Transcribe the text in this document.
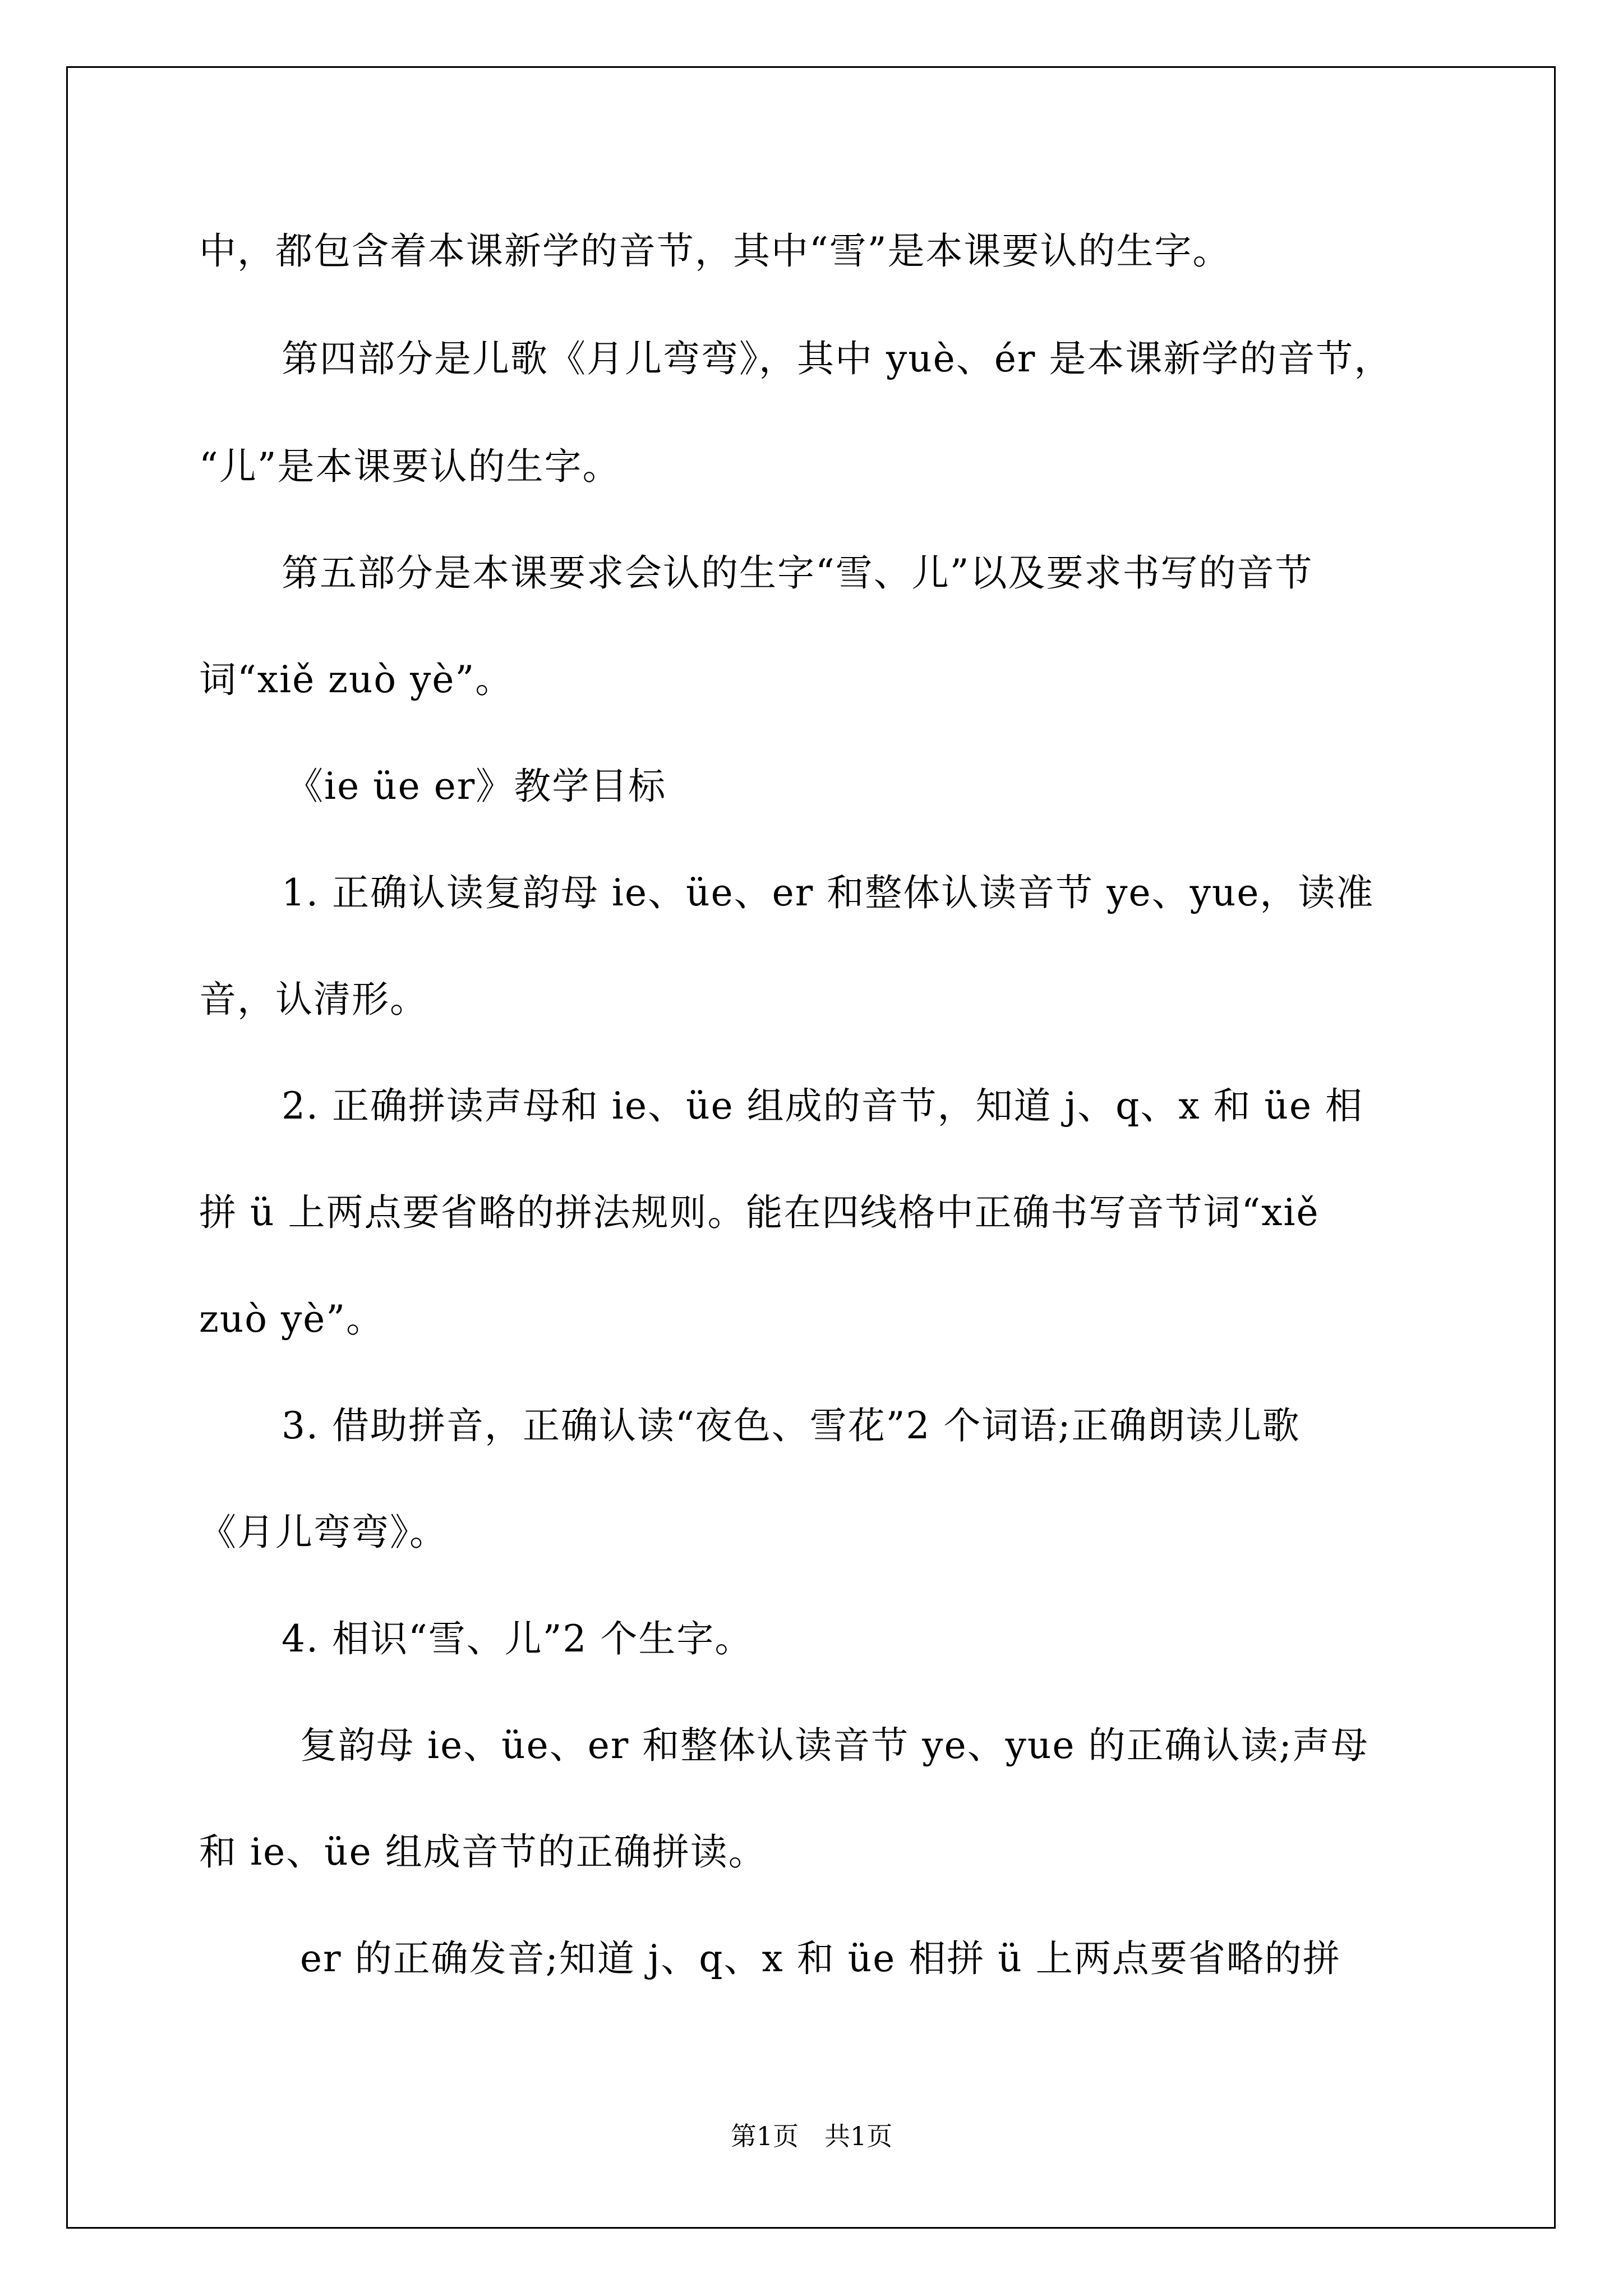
中，都包含着本课新学的音节，其中“雪”是本课要认的生字。
第四部分是儿歌《月儿弯弯》，其中 yuè、ér 是本课新学的音节，
“儿”是本课要认的生字。
第五部分是本课要求会认的生字“雪、儿”以及要求书写的音节
词“xiě zuò yè”。
《ie üe er》教学目标
1. 正确认读复韵母 ie、üe、er 和整体认读音节 ye、yue，读准
音，认清形。
2. 正确拼读声母和 ie、üe 组成的音节，知道 j、q、x 和 üe 相
拼 ü 上两点要省略的拼法规则。能在四线格中正确书写音节词“xiě
zuò yè”。
3. 借助拼音，正确认读“夜色、雪花”2 个词语;正确朗读儿歌
《月儿弯弯》。
4. 相识“雪、儿”2 个生字。
复韵母 ie、üe、er 和整体认读音节 ye、yue 的正确认读;声母
和 ie、üe 组成音节的正确拼读。
er 的正确发音;知道 j、q、x 和 üe 相拼 ü 上两点要省略的拼
第1页　共1页
